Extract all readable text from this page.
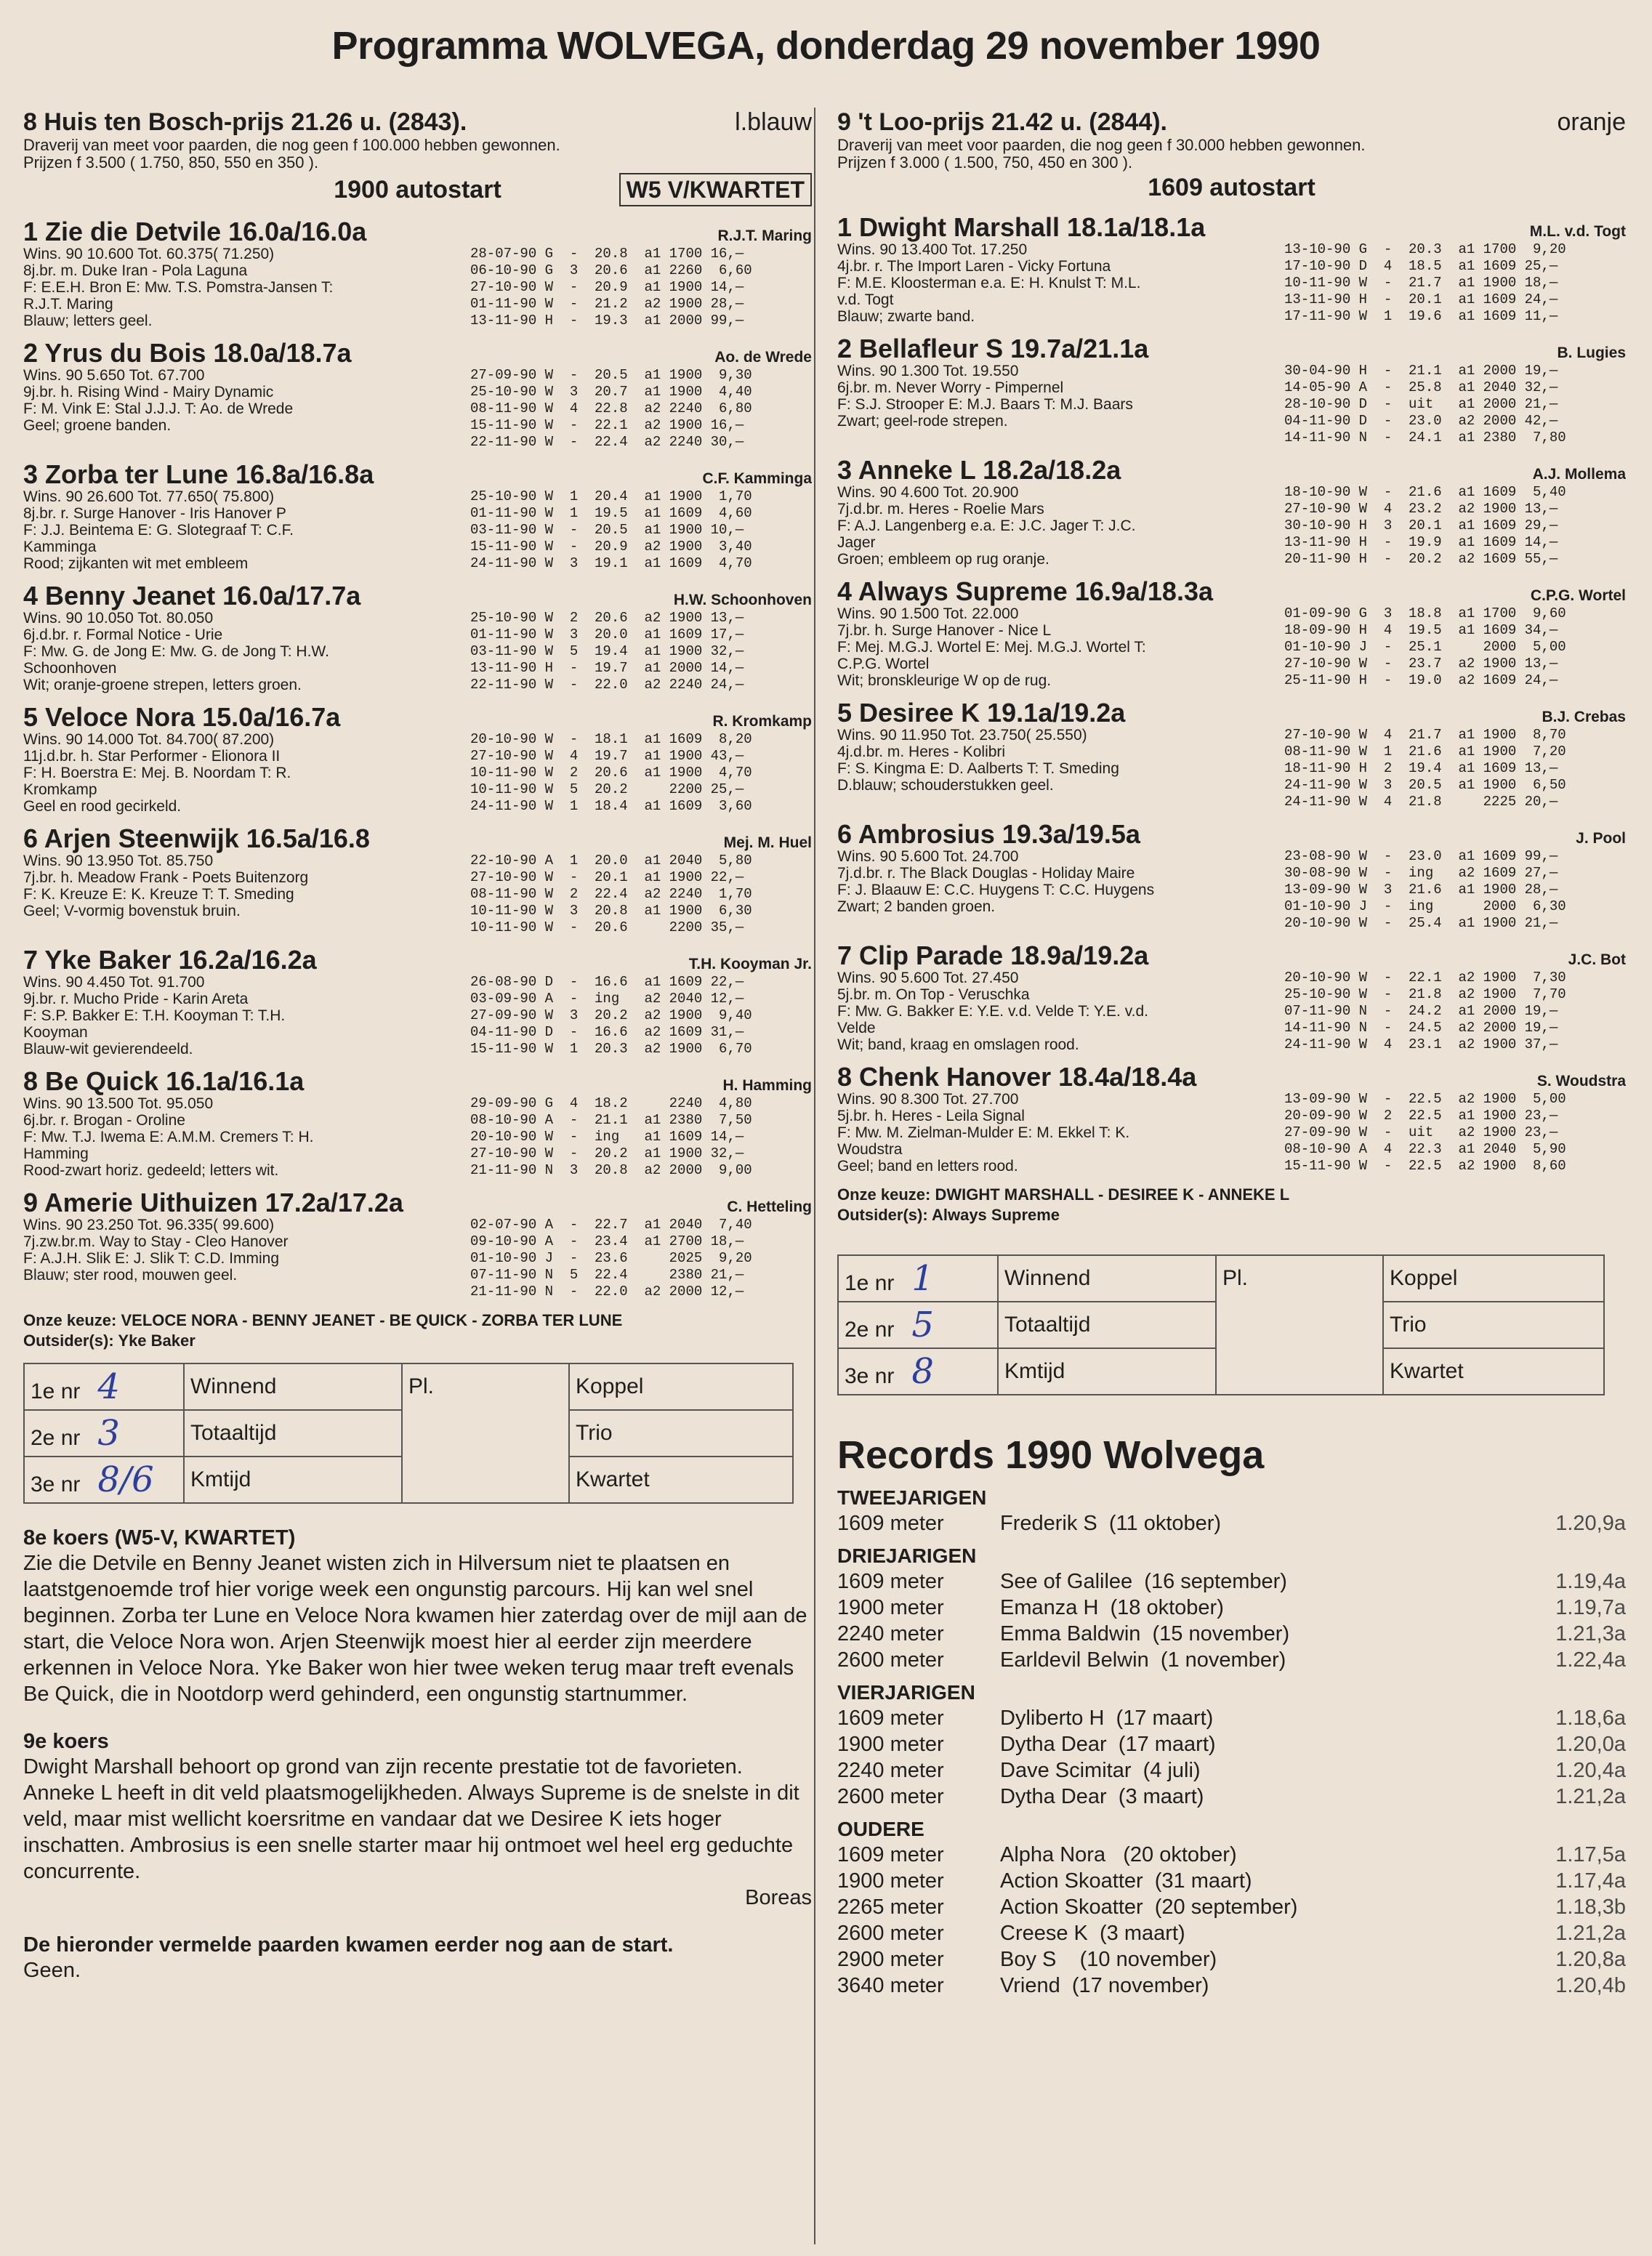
Programma WOLVEGA, donderdag 29 november 1990
8 Huis ten Bosch-prijs 21.26 u. (2843).	l.blauw
Draverij van meet voor paarden, die nog geen f 100.000 hebben gewonnen.
Prijzen f 3.500 ( 1.750, 850, 550 en 350 ).
1900 autostart	W5 V/KWARTET
1 Zie die Detvile 16.0a/16.0a	R.J.T. Maring
Wins. 90 10.600 Tot. 60.375( 71.250)
8j.br. m. Duke Iran - Pola Laguna
F: E.E.H. Bron E: Mw. T.S. Pomstra-Jansen T:
R.J.T. Maring
Blauw; letters geel.
28-07-90 G  -  20.8  a1 1700 16,—
06-10-90 G  3  20.6  a1 2260  6,60
27-10-90 W  -  20.9  a1 1900 14,—
01-11-90 W  -  21.2  a2 1900 28,—
13-11-90 H  -  19.3  a1 2000 99,—
2 Yrus du Bois 18.0a/18.7a	Ao. de Wrede
Wins. 90 5.650 Tot. 67.700
9j.br. h. Rising Wind - Mairy Dynamic
F: M. Vink E: Stal J.J.J. T: Ao. de Wrede
Geel; groene banden.
27-09-90 W  -  20.5  a1 1900  9,30
25-10-90 W  3  20.7  a1 1900  4,40
08-11-90 W  4  22.8  a2 2240  6,80
15-11-90 W  -  22.1  a2 1900 16,—
22-11-90 W  -  22.4  a2 2240 30,—
3 Zorba ter Lune 16.8a/16.8a	C.F. Kamminga
Wins. 90 26.600 Tot. 77.650( 75.800)
8j.br. r. Surge Hanover - Iris Hanover P
F: J.J. Beintema E: G. Slotegraaf T: C.F.
Kamminga
Rood; zijkanten wit met embleem
25-10-90 W  1  20.4  a1 1900  1,70
01-11-90 W  1  19.5  a1 1609  4,60
03-11-90 W  -  20.5  a1 1900 10,—
15-11-90 W  -  20.9  a2 1900  3,40
24-11-90 W  3  19.1  a1 1609  4,70
4 Benny Jeanet 16.0a/17.7a	H.W. Schoonhoven
Wins. 90 10.050 Tot. 80.050
6j.d.br. r. Formal Notice - Urie
F: Mw. G. de Jong E: Mw. G. de Jong T: H.W.
Schoonhoven
Wit; oranje-groene strepen, letters groen.
25-10-90 W  2  20.6  a2 1900 13,—
01-11-90 W  3  20.0  a1 1609 17,—
03-11-90 W  5  19.4  a1 1900 32,—
13-11-90 H  -  19.7  a1 2000 14,—
22-11-90 W  -  22.0  a2 2240 24,—
5 Veloce Nora 15.0a/16.7a	R. Kromkamp
Wins. 90 14.000 Tot. 84.700( 87.200)
11j.d.br. h. Star Performer - Elionora II
F: H. Boerstra E: Mej. B. Noordam T: R.
Kromkamp
Geel en rood gecirkeld.
20-10-90 W  -  18.1  a1 1609  8,20
27-10-90 W  4  19.7  a1 1900 43,—
10-11-90 W  2  20.6  a1 1900  4,70
10-11-90 W  5  20.2     2200 25,—
24-11-90 W  1  18.4  a1 1609  3,60
6 Arjen Steenwijk 16.5a/16.8	Mej. M. Huel
Wins. 90 13.950 Tot. 85.750
7j.br. h. Meadow Frank - Poets Buitenzorg
F: K. Kreuze E: K. Kreuze T: T. Smeding
Geel; V-vormig bovenstuk bruin.
22-10-90 A  1  20.0  a1 2040  5,80
27-10-90 W  -  20.1  a1 1900 22,—
08-11-90 W  2  22.4  a2 2240  1,70
10-11-90 W  3  20.8  a1 1900  6,30
10-11-90 W  -  20.6     2200 35,—
7 Yke Baker 16.2a/16.2a	T.H. Kooyman Jr.
Wins. 90 4.450 Tot. 91.700
9j.br. r. Mucho Pride - Karin Areta
F: S.P. Bakker E: T.H. Kooyman T: T.H.
Kooyman
Blauw-wit gevierendeeld.
26-08-90 D  -  16.6  a1 1609 22,—
03-09-90 A  -  ing   a2 2040 12,—
27-09-90 W  3  20.2  a2 1900  9,40
04-11-90 D  -  16.6  a2 1609 31,—
15-11-90 W  1  20.3  a2 1900  6,70
8 Be Quick 16.1a/16.1a	H. Hamming
Wins. 90 13.500 Tot. 95.050
6j.br. r. Brogan - Oroline
F: Mw. T.J. Iwema E: A.M.M. Cremers T: H.
Hamming
Rood-zwart horiz. gedeeld; letters wit.
29-09-90 G  4  18.2     2240  4,80
08-10-90 A  -  21.1  a1 2380  7,50
20-10-90 W  -  ing   a1 1609 14,—
27-10-90 W  -  20.2  a1 1900 32,—
21-11-90 N  3  20.8  a2 2000  9,00
9 Amerie Uithuizen 17.2a/17.2a	C. Hetteling
Wins. 90 23.250 Tot. 96.335( 99.600)
7j.zw.br.m. Way to Stay - Cleo Hanover
F: A.J.H. Slik E: J. Slik T: C.D. Imming
Blauw; ster rood, mouwen geel.
02-07-90 A  -  22.7  a1 2040  7,40
09-10-90 A  -  23.4  a1 2700 18,—
01-10-90 J  -  23.6     2025  9,20
07-11-90 N  5  22.4     2380 21,—
21-11-90 N  -  22.0  a2 2000 12,—
Onze keuze: VELOCE NORA - BENNY JEANET - BE QUICK - ZORBA TER LUNE
Outsider(s): Yke Baker
1e nr 4	Winnend	Pl.	Koppel
2e nr 3	Totaaltijd		Trio
3e nr 8/6	Kmtijd		Kwartet
8e koers (W5-V, KWARTET)
Zie die Detvile en Benny Jeanet wisten zich in Hilversum niet te plaatsen en laatstgenoemde trof hier vorige week een ongunstig parcours. Hij kan wel snel beginnen. Zorba ter Lune en Veloce Nora kwamen hier zaterdag over de mijl aan de start, die Veloce Nora won. Arjen Steenwijk moest hier al eerder zijn meerdere erkennen in Veloce Nora. Yke Baker won hier twee weken terug maar treft evenals Be Quick, die in Nootdorp werd gehinderd, een ongunstig startnummer.
9e koers
Dwight Marshall behoort op grond van zijn recente prestatie tot de favorieten. Anneke L heeft in dit veld plaatsmogelijkheden. Always Supreme is de snelste in dit veld, maar mist wellicht koersritme en vandaar dat we Desiree K iets hoger inschatten. Ambrosius is een snelle starter maar hij ontmoet wel heel erg geduchte concurrente.
Boreas
De hieronder vermelde paarden kwamen eerder nog aan de start.
Geen.
9 't Loo-prijs 21.42 u. (2844).	oranje
Draverij van meet voor paarden, die nog geen f 30.000 hebben gewonnen.
Prijzen f 3.000 ( 1.500, 750, 450 en 300 ).
1609 autostart
1 Dwight Marshall 18.1a/18.1a	M.L. v.d. Togt
Wins. 90 13.400 Tot. 17.250
4j.br. r. The Import Laren - Vicky Fortuna
F: M.E. Kloosterman e.a. E: H. Knulst T: M.L.
v.d. Togt
Blauw; zwarte band.
13-10-90 G  -  20.3  a1 1700  9,20
17-10-90 D  4  18.5  a1 1609 25,—
10-11-90 W  -  21.7  a1 1900 18,—
13-11-90 H  -  20.1  a1 1609 24,—
17-11-90 W  1  19.6  a1 1609 11,—
2 Bellafleur S 19.7a/21.1a	B. Lugies
Wins. 90 1.300 Tot. 19.550
6j.br. m. Never Worry - Pimpernel
F: S.J. Strooper E: M.J. Baars T: M.J. Baars
Zwart; geel-rode strepen.
30-04-90 H  -  21.1  a1 2000 19,—
14-05-90 A  -  25.8  a1 2040 32,—
28-10-90 D  -  uit   a1 2000 21,—
04-11-90 D  -  23.0  a2 2000 42,—
14-11-90 N  -  24.1  a1 2380  7,80
3 Anneke L 18.2a/18.2a	A.J. Mollema
Wins. 90 4.600 Tot. 20.900
7j.d.br. m. Heres - Roelie Mars
F: A.J. Langenberg e.a. E: J.C. Jager T: J.C.
Jager
Groen; embleem op rug oranje.
18-10-90 W  -  21.6  a1 1609  5,40
27-10-90 W  4  23.2  a2 1900 13,—
30-10-90 H  3  20.1  a1 1609 29,—
13-11-90 H  -  19.9  a1 1609 14,—
20-11-90 H  -  20.2  a2 1609 55,—
4 Always Supreme 16.9a/18.3a	C.P.G. Wortel
Wins. 90 1.500 Tot. 22.000
7j.br. h. Surge Hanover - Nice L
F: Mej. M.G.J. Wortel E: Mej. M.G.J. Wortel T:
C.P.G. Wortel
Wit; bronskleurige W op de rug.
01-09-90 G  3  18.8  a1 1700  9,60
18-09-90 H  4  19.5  a1 1609 34,—
01-10-90 J  -  25.1     2000  5,00
27-10-90 W  -  23.7  a2 1900 13,—
25-11-90 H  -  19.0  a2 1609 24,—
5 Desiree K 19.1a/19.2a	B.J. Crebas
Wins. 90 11.950 Tot. 23.750( 25.550)
4j.d.br. m. Heres - Kolibri
F: S. Kingma E: D. Aalberts T: T. Smeding
D.blauw; schouderstukken geel.
27-10-90 W  4  21.7  a1 1900  8,70
08-11-90 W  1  21.6  a1 1900  7,20
18-11-90 H  2  19.4  a1 1609 13,—
24-11-90 W  3  20.5  a1 1900  6,50
24-11-90 W  4  21.8     2225 20,—
6 Ambrosius 19.3a/19.5a	J. Pool
Wins. 90 5.600 Tot. 24.700
7j.d.br. r. The Black Douglas - Holiday Maire
F: J. Blaauw E: C.C. Huygens T: C.C. Huygens
Zwart; 2 banden groen.
23-08-90 W  -  23.0  a1 1609 99,—
30-08-90 W  -  ing   a2 1609 27,—
13-09-90 W  3  21.6  a1 1900 28,—
01-10-90 J  -  ing      2000  6,30
20-10-90 W  -  25.4  a1 1900 21,—
7 Clip Parade 18.9a/19.2a	J.C. Bot
Wins. 90 5.600 Tot. 27.450
5j.br. m. On Top - Veruschka
F: Mw. G. Bakker E: Y.E. v.d. Velde T: Y.E. v.d.
Velde
Wit; band, kraag en omslagen rood.
20-10-90 W  -  22.1  a2 1900  7,30
25-10-90 W  -  21.8  a2 1900  7,70
07-11-90 N  -  24.2  a1 2000 19,—
14-11-90 N  -  24.5  a2 2000 19,—
24-11-90 W  4  23.1  a2 1900 37,—
8 Chenk Hanover 18.4a/18.4a	S. Woudstra
Wins. 90 8.300 Tot. 27.700
5j.br. h. Heres - Leila Signal
F: Mw. M. Zielman-Mulder E: M. Ekkel T: K.
Woudstra
Geel; band en letters rood.
13-09-90 W  -  22.5  a2 1900  5,00
20-09-90 W  2  22.5  a1 1900 23,—
27-09-90 W  -  uit   a2 1900 23,—
08-10-90 A  4  22.3  a1 2040  5,90
15-11-90 W  -  22.5  a2 1900  8,60
Onze keuze: DWIGHT MARSHALL - DESIREE K - ANNEKE L
Outsider(s): Always Supreme
1e nr 1	Winnend	Pl.	Koppel
2e nr 5	Totaaltijd		Trio
3e nr 8	Kmtijd		Kwartet
Records 1990 Wolvega
TWEEJARIGEN
1609 meter	Frederik S  (11 oktober)	1.20,9a
DRIEJARIGEN
1609 meter	See of Galilee  (16 september)	1.19,4a
1900 meter	Emanza H  (18 oktober)	1.19,7a
2240 meter	Emma Baldwin  (15 november)	1.21,3a
2600 meter	Earldevil Belwin  (1 november)	1.22,4a
VIERJARIGEN
1609 meter	Dyliberto H  (17 maart)	1.18,6a
1900 meter	Dytha Dear  (17 maart)	1.20,0a
2240 meter	Dave Scimitar  (4 juli)	1.20,4a
2600 meter	Dytha Dear  (3 maart)	1.21,2a
OUDERE
1609 meter	Alpha Nora   (20 oktober)	1.17,5a
1900 meter	Action Skoatter  (31 maart)	1.17,4a
2265 meter	Action Skoatter  (20 september)	1.18,3b
2600 meter	Creese K  (3 maart)	1.21,2a
2900 meter	Boy S    (10 november)	1.20,8a
3640 meter	Vriend  (17 november)	1.20,4b
